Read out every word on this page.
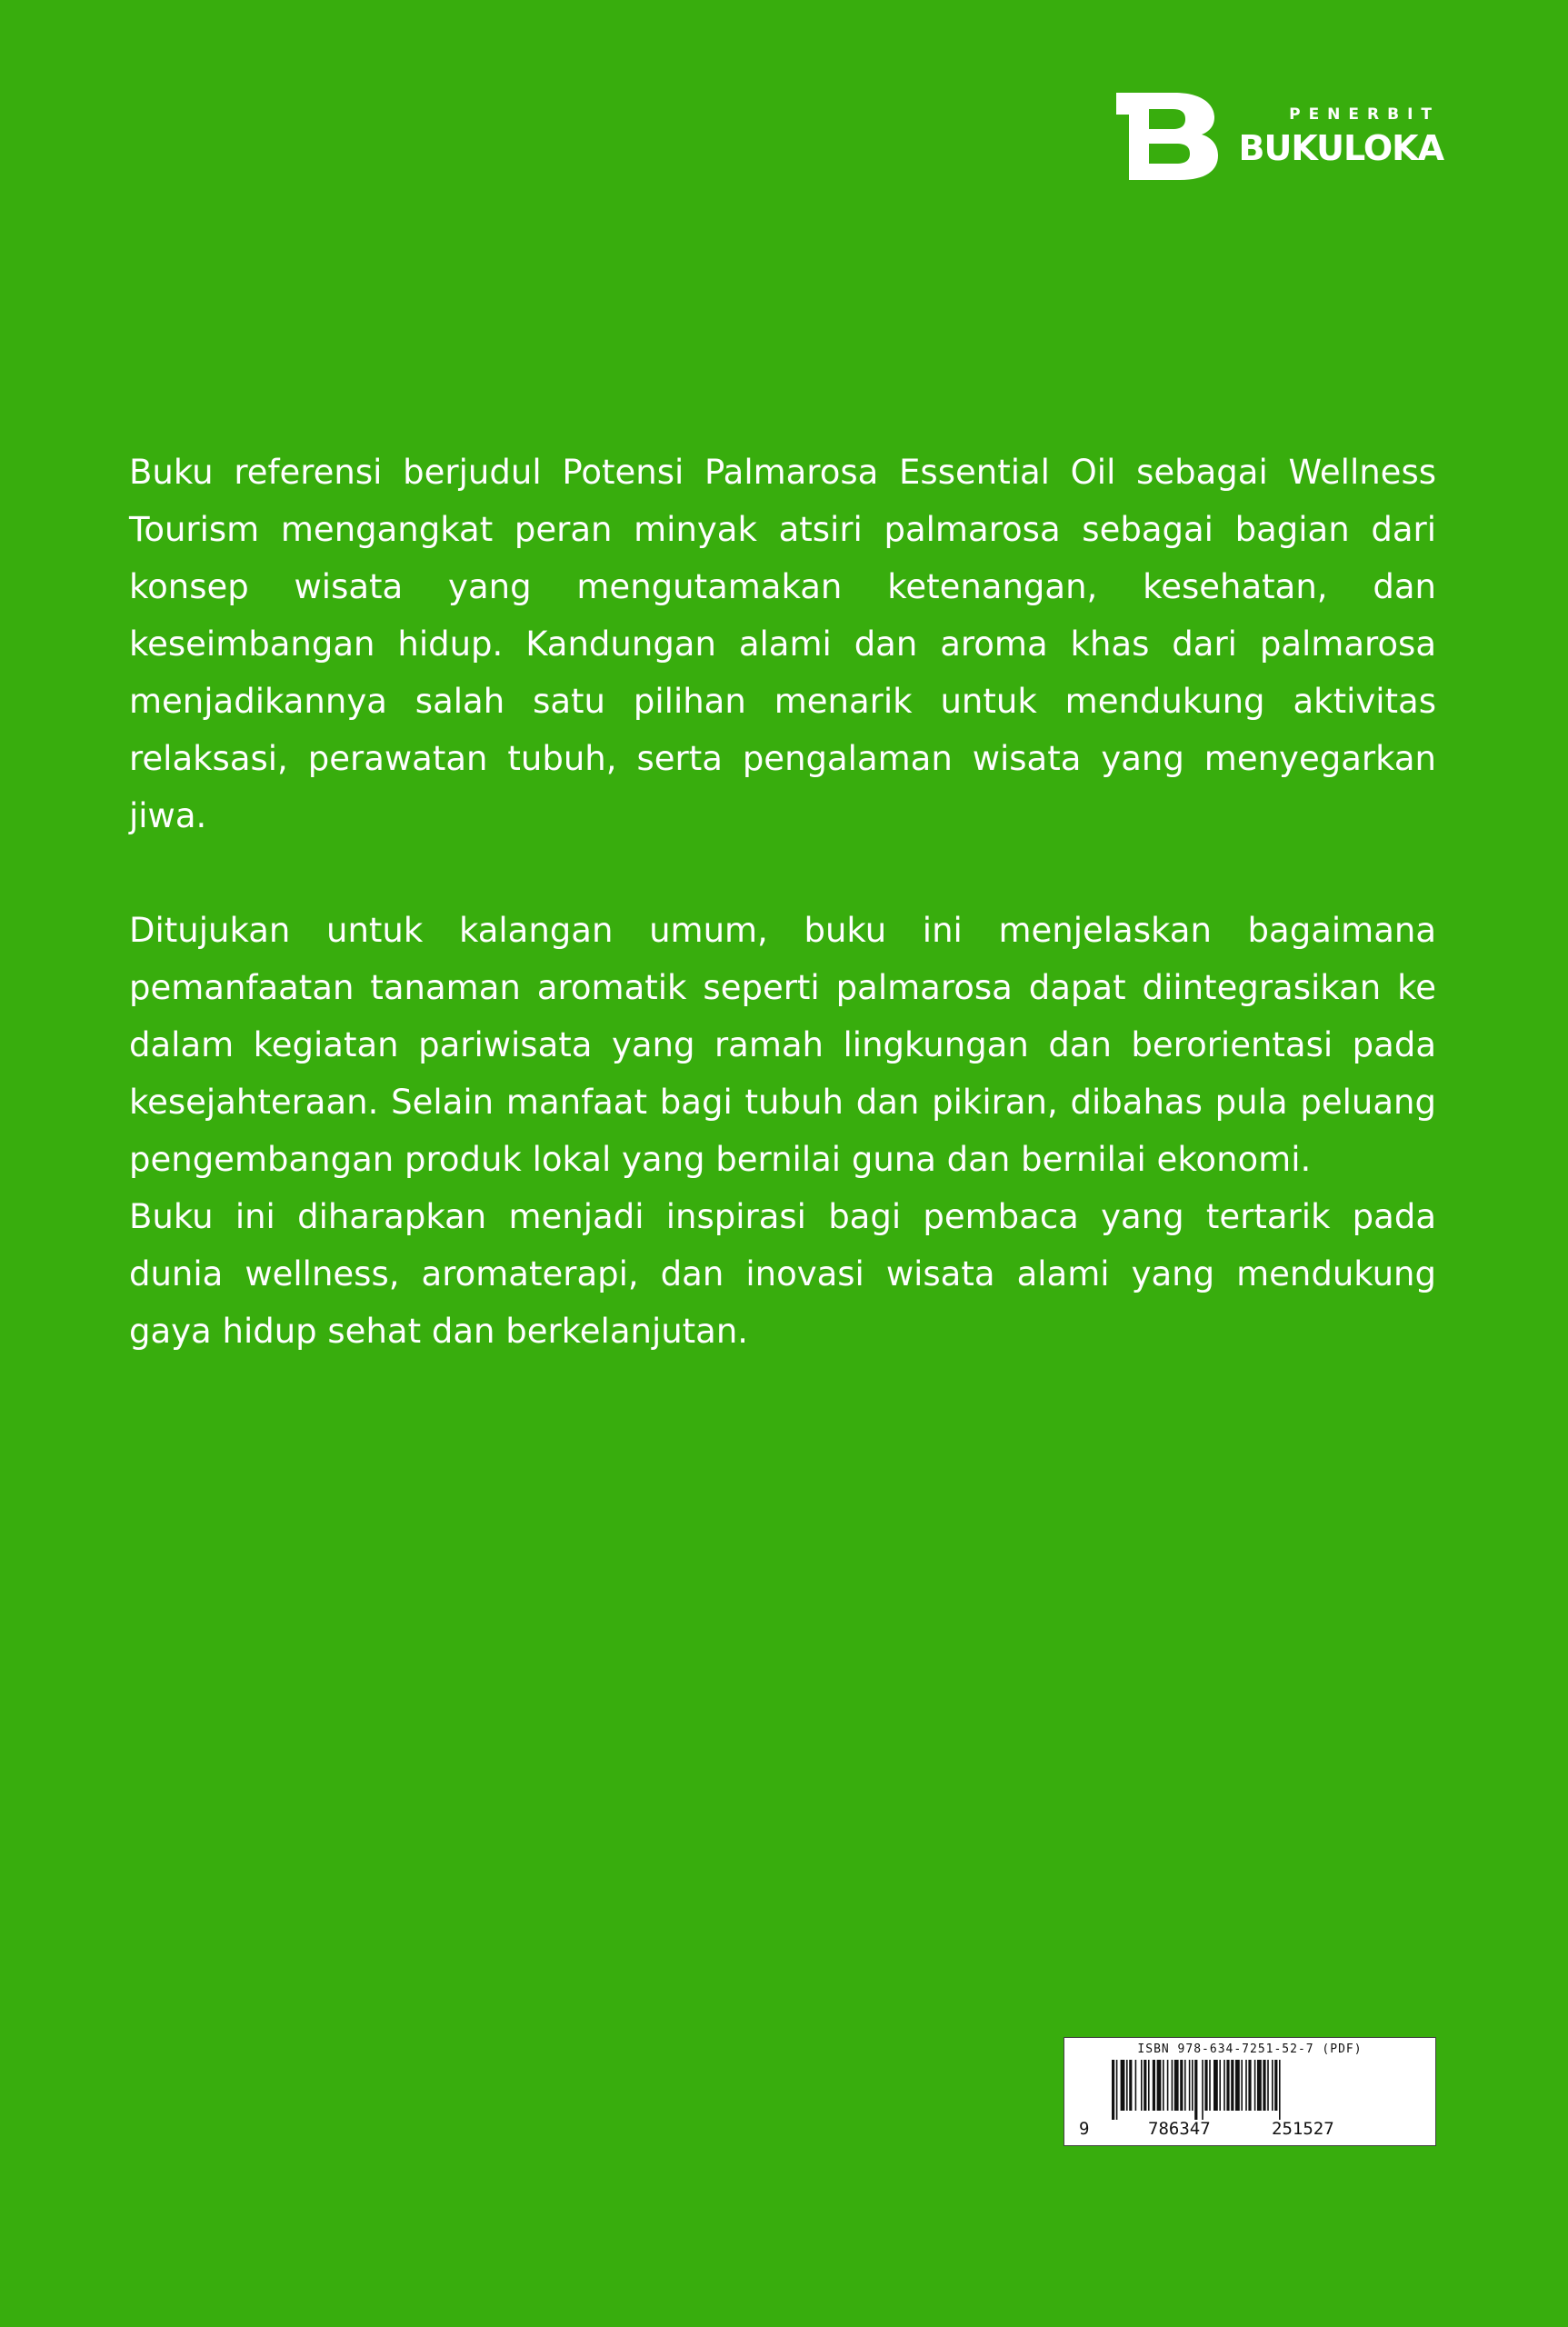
PENERBIT
BUKULOKA

Buku referensi berjudul Potensi Palmarosa Essential Oil sebagai Wellness Tourism mengangkat peran minyak atsiri palmarosa sebagai bagian dari konsep wisata yang mengutamakan ketenangan, kesehatan, dan keseimbangan hidup. Kandungan alami dan aroma khas dari palmarosa menjadikannya salah satu pilihan menarik untuk mendukung aktivitas relaksasi, perawatan tubuh, serta pengalaman wisata yang menyegarkan jiwa.

Ditujukan untuk kalangan umum, buku ini menjelaskan bagaimana pemanfaatan tanaman aromatik seperti palmarosa dapat diintegrasikan ke dalam kegiatan pariwisata yang ramah lingkungan dan berorientasi pada kesejahteraan. Selain manfaat bagi tubuh dan pikiran, dibahas pula peluang pengembangan produk lokal yang bernilai guna dan bernilai ekonomi.

Buku ini diharapkan menjadi inspirasi bagi pembaca yang tertarik pada dunia wellness, aromaterapi, dan inovasi wisata alami yang mendukung gaya hidup sehat dan berkelanjutan.

ISBN 978-634-7251-52-7 (PDF)
9	786347	251527
